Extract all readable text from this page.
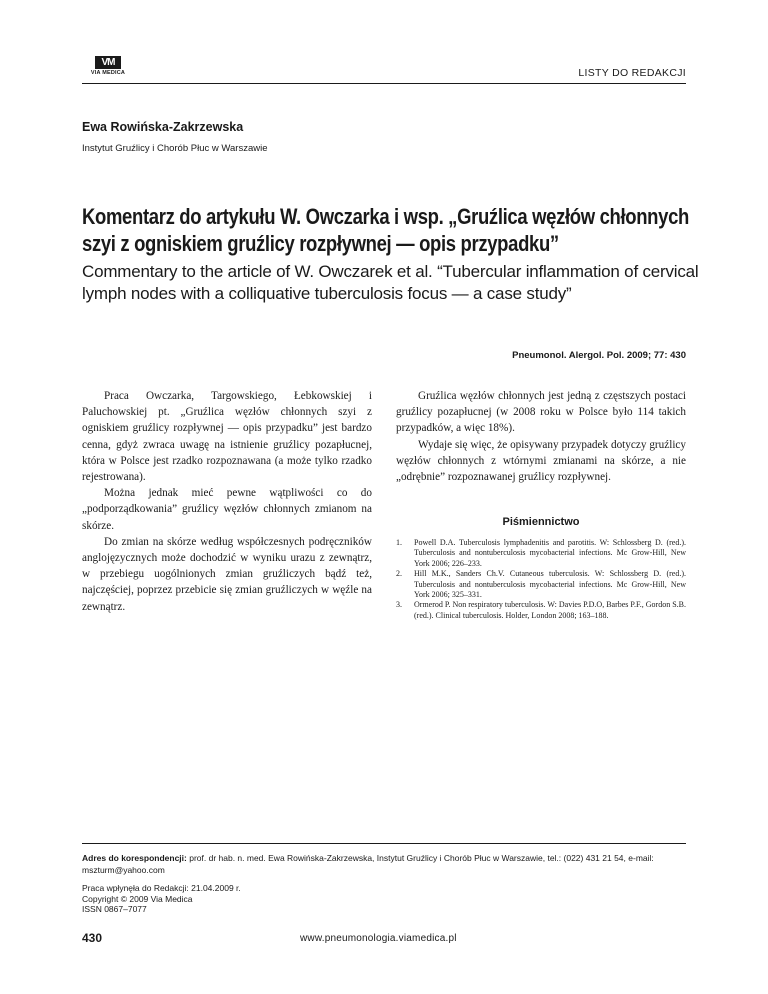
VM
VIA MEDICA	LISTY DO REDAKCJI
Ewa Rowińska-Zakrzewska
Instytut Gruźlicy i Chorób Płuc w Warszawie
Komentarz do artykułu W. Owczarka i wsp. „Gruźlica węzłów chłonnych szyi z ogniskiem gruźlicy rozpływnej — opis przypadku”
Commentary to the article of W. Owczarek et al. “Tubercular inflammation of cervical lymph nodes with a colliquative tuberculosis focus — a case study”
Pneumonol. Alergol. Pol. 2009; 77: 430

Praca Owczarka, Targowskiego, Łebkowskiej i Paluchowskiej pt. „Gruźlica węzłów chłonnych szyi z ogniskiem gruźlicy rozpływnej — opis przypadku” jest bardzo cenna, gdyż zwraca uwagę na istnienie gruźlicy pozapłucnej, która w Polsce jest rzadko rozpoznawana (a może tylko rzadko rejestrowana).

Można jednak mieć pewne wątpliwości co do „podporządkowania” gruźlicy węzłów chłonnych zmianom na skórze.

Do zmian na skórze według współczesnych podręczników anglojęzycznych może dochodzić w wyniku urazu z zewnątrz, w przebiegu uogólnionych zmian gruźliczych bądź też, najczęściej, poprzez przebicie się zmian gruźliczych w węźle na zewnątrz.

Gruźlica węzłów chłonnych jest jedną z częstszych postaci gruźlicy pozapłucnej (w 2008 roku w Polsce było 114 takich przypadków, a więc 18%).

Wydaje się więc, że opisywany przypadek dotyczy gruźlicy węzłów chłonnych z wtórnymi zmianami na skórze, a nie „odrębnie” rozpoznawanej gruźlicy rozpływnej.

Piśmiennictwo
1.	Powell D.A. Tuberculosis lymphadenitis and parotitis. W: Schlossberg D. (red.). Tuberculosis and nontuberculosis mycobacterial infections. Mc Grow-Hill, New York 2006; 226–233.
2.	Hill M.K., Sanders Ch.V. Cutaneous tuberculosis. W: Schlossberg D. (red.). Tuberculosis and nontuberculosis mycobacterial infections. Mc Grow-Hill, New York 2006; 325–331.
3.	Ormerod P. Non respiratory tuberculosis. W: Davies P.D.O, Barbes P.F., Gordon S.B. (red.). Clinical tuberculosis. Holder, London 2008; 163–188.
Adres do korespondencji: prof. dr hab. n. med. Ewa Rowińska-Zakrzewska, Instytut Gruźlicy i Chorób Płuc w Warszawie, tel.: (022) 431 21 54, e-mail: mszturm@yahoo.com
Praca wpłynęła do Redakcji: 21.04.2009 r.
Copyright © 2009 Via Medica
ISSN 0867–7077
430	www.pneumonologia.viamedica.pl
